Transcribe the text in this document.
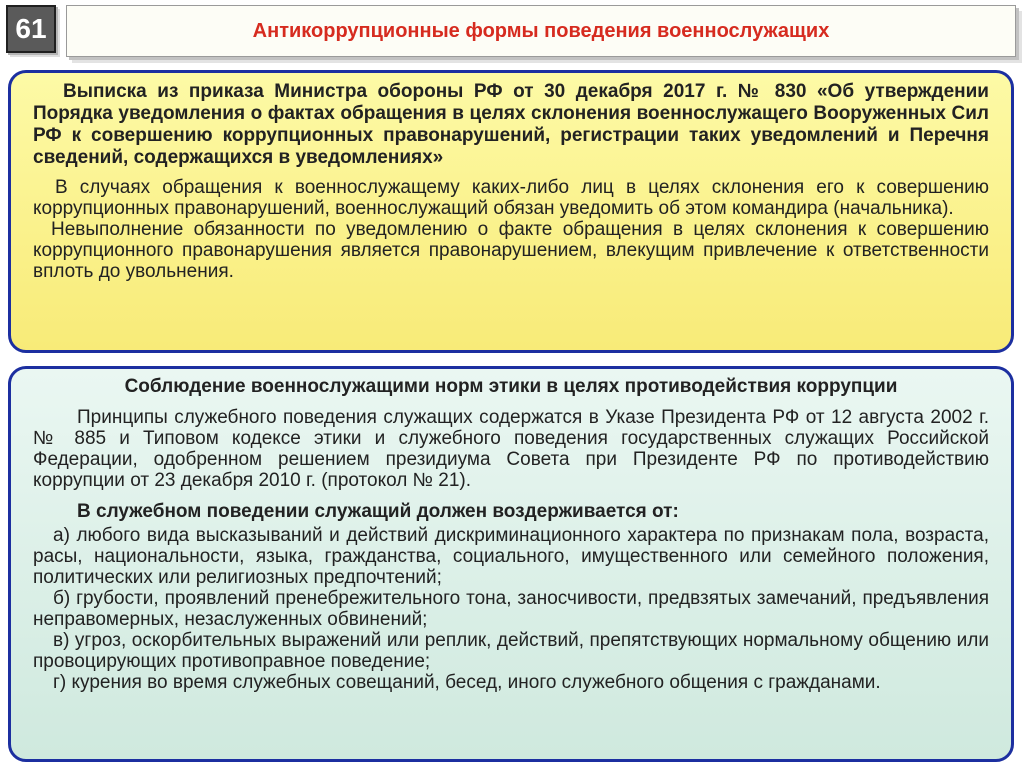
61	Антикоррупционные формы поведения военнослужащих
Выписка из приказа Министра обороны РФ от 30 декабря 2017 г. № 830 «Об утверждении Порядка уведомления о фактах обращения в целях склонения военнослужащего Вооруженных Сил РФ к совершению коррупционных правонарушений, регистрации таких уведомлений и Перечня сведений, содержащихся в уведомлениях»

В случаях обращения к военнослужащему каких-либо лиц в целях склонения его к совершению коррупционных правонарушений, военнослужащий обязан уведомить об этом командира (начальника).

Невыполнение обязанности по уведомлению о факте обращения в целях склонения к совершению коррупционного правонарушения является правонарушением, влекущим привлечение к ответственности вплоть до увольнения.

Соблюдение военнослужащими норм этики в целях противодействия коррупции

Принципы служебного поведения служащих содержатся в Указе Президента РФ от 12 августа 2002 г. № 885 и Типовом кодексе этики и служебного поведения государственных служащих Российской Федерации, одобренном решением президиума Совета при Президенте РФ по противодействию коррупции от 23 декабря 2010 г. (протокол № 21).

В служебном поведении служащий должен воздерживается от:

а) любого вида высказываний и действий дискриминационного характера по признакам пола, возраста, расы, национальности, языка, гражданства, социального, имущественного или семейного положения, политических или религиозных предпочтений;

б) грубости, проявлений пренебрежительного тона, заносчивости, предвзятых замечаний, предъявления неправомерных, незаслуженных обвинений;

в) угроз, оскорбительных выражений или реплик, действий, препятствующих нормальному общению или провоцирующих противоправное поведение;

г) курения во время служебных совещаний, бесед, иного служебного общения с гражданами.
